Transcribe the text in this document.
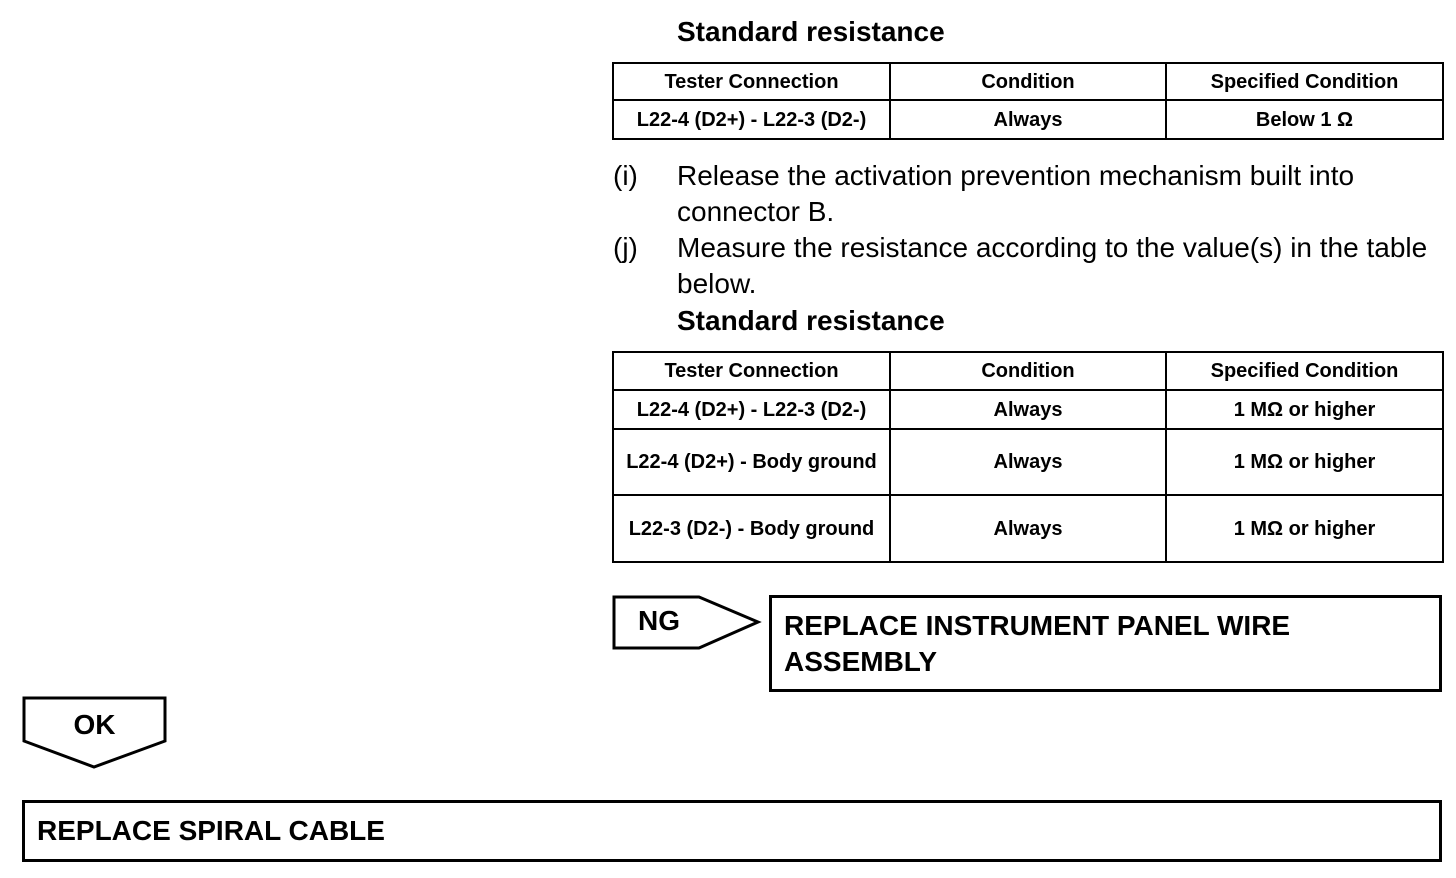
Standard resistance
Tester Connection	Condition	Specified Condition
L22-4 (D2+) - L22-3 (D2-)	Always	Below 1 Ω
(i) Release the activation prevention mechanism built into connector B.
(j) Measure the resistance according to the value(s) in the table below.
Standard resistance
Tester Connection	Condition	Specified Condition
L22-4 (D2+) - L22-3 (D2-)	Always	1 MΩ or higher
L22-4 (D2+) - Body ground	Always	1 MΩ or higher
L22-3 (D2-) - Body ground	Always	1 MΩ or higher
NG	REPLACE INSTRUMENT PANEL WIRE ASSEMBLY
OK
REPLACE SPIRAL CABLE
